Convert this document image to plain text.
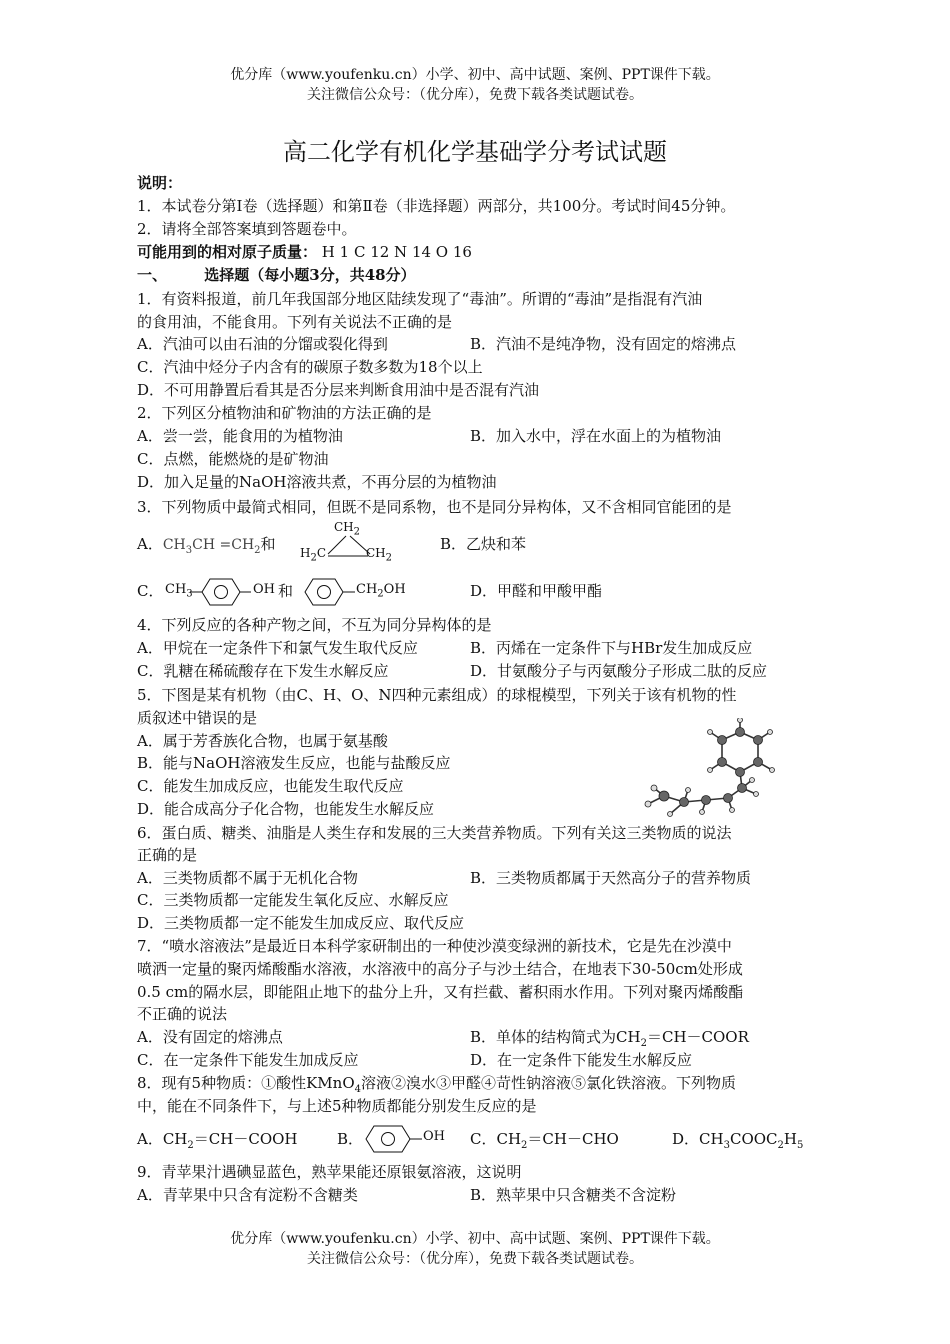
优分库（www.youfenku.cn）小学、初中、高中试题、案例、PPT课件下载。
关注微信公众号：（优分库），免费下载各类试题试卷。
高二化学有机化学基础学分考试试题
说明：
1．本试卷分第Ⅰ卷（选择题）和第Ⅱ卷（非选择题）两部分，共100分。考试时间45分钟。
2．请将全部答案填到答题卷中。
可能用到的相对原子质量： H 1 C 12 N 14 O 16
一、 选择题（每小题3分，共48分）
1．有资料报道，前几年我国部分地区陆续发现了“毒油”。所谓的“毒油”是指混有汽油
的食用油，不能食用。下列有关说法不正确的是
A．汽油可以由石油的分馏或裂化得到	B．汽油不是纯净物，没有固定的熔沸点
C．汽油中烃分子内含有的碳原子数多数为18个以上
D．不可用静置后看其是否分层来判断食用油中是否混有汽油
2．下列区分植物油和矿物油的方法正确的是
A．尝一尝，能食用的为植物油	B．加入水中，浮在水面上的为植物油
C．点燃，能燃烧的是矿物油
D．加入足量的NaOH溶液共煮，不再分层的为植物油
3．下列物质中最简式相同，但既不是同系物，也不是同分异构体，又不含相同官能团的是
A．$CH_3CH =CH_2$和
$CH_2$
$H_2C$	$CH_2$
B．乙炔和苯
C． $CH_3$	OH 和	$CH_2OH$	D．甲醛和甲酸甲酯
4．下列反应的各种产物之间，不互为同分异构体的是
A．甲烷在一定条件下和氯气发生取代反应	B．丙烯在一定条件下与HBr发生加成反应
C．乳糖在稀硫酸存在下发生水解反应	D．甘氨酸分子与丙氨酸分子形成二肽的反应
5．下图是某有机物（由C、H、O、N四种元素组成）的球棍模型，下列关于该有机物的性
质叙述中错误的是
A．属于芳香族化合物，也属于氨基酸
B．能与NaOH溶液发生反应，也能与盐酸反应
C．能发生加成反应，也能发生取代反应
D．能合成高分子化合物，也能发生水解反应
6．蛋白质、糖类、油脂是人类生存和发展的三大类营养物质。下列有关这三类物质的说法
正确的是
A．三类物质都不属于无机化合物	B．三类物质都属于天然高分子的营养物质
C．三类物质都一定能发生氧化反应、水解反应
D．三类物质都一定不能发生加成反应、取代反应
7．“喷水溶液法”是最近日本科学家研制出的一种使沙漠变绿洲的新技术，它是先在沙漠中
喷洒一定量的聚丙烯酸酯水溶液，水溶液中的高分子与沙土结合，在地表下30-50cm处形成
0.5 cm的隔水层，即能阻止地下的盐分上升，又有拦截、蓄积雨水作用。下列对聚丙烯酸酯
不正确的说法
A．没有固定的熔沸点	B．单体的结构简式为$CH_2=CH-COOR$
C．在一定条件下能发生加成反应	D．在一定条件下能发生水解反应
8．现有5种物质：①酸性KMnO$_4$溶液②溴水③甲醛④苛性钠溶液⑤氯化铁溶液。下列物质
中，能在不同条件下，与上述5种物质都能分别发生反应的是
A．$CH_2=CH-COOH$	B．	OH C．$CH_2=CH-CHO$	D．$CH_3COOC_2H_5$
9．青苹果汁遇碘显蓝色，熟苹果能还原银氨溶液，这说明
A．青苹果中只含有淀粉不含糖类	B．熟苹果中只含糖类不含淀粉
优分库（www.youfenku.cn）小学、初中、高中试题、案例、PPT课件下载。
关注微信公众号：（优分库），免费下载各类试题试卷。
